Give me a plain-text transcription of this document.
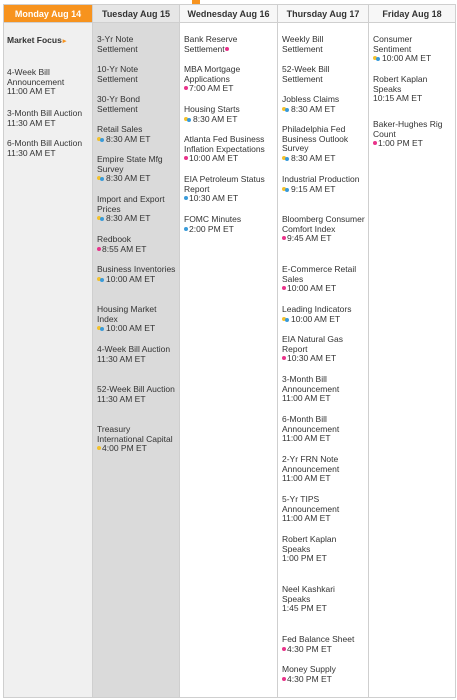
Monday Aug 14
Market Focus▸
4-Week Bill Announcement
11:00 AM ET
3-Month Bill Auction
11:30 AM ET
6-Month Bill Auction
11:30 AM ET
Tuesday Aug 15
3-Yr Note Settlement
10-Yr Note Settlement
30-Yr Bond Settlement
Retail Sales
8:30 AM ET
Empire State Mfg Survey
8:30 AM ET
Import and Export Prices
8:30 AM ET
Redbook
8:55 AM ET
Business Inventories
10:00 AM ET
Housing Market Index
10:00 AM ET
4-Week Bill Auction
11:30 AM ET
52-Week Bill Auction
11:30 AM ET
Treasury International Capital
4:00 PM ET
Wednesday Aug 16
Bank Reserve Settlement
MBA Mortgage Applications
7:00 AM ET
Housing Starts
8:30 AM ET
Atlanta Fed Business Inflation Expectations
10:00 AM ET
EIA Petroleum Status Report
10:30 AM ET
FOMC Minutes
2:00 PM ET
Thursday Aug 17
Weekly Bill Settlement
52-Week Bill Settlement
Jobless Claims
8:30 AM ET
Philadelphia Fed Business Outlook Survey
8:30 AM ET
Industrial Production
9:15 AM ET
Bloomberg Consumer Comfort Index
9:45 AM ET
E-Commerce Retail Sales
10:00 AM ET
Leading Indicators
10:00 AM ET
EIA Natural Gas Report
10:30 AM ET
3-Month Bill Announcement
11:00 AM ET
6-Month Bill Announcement
11:00 AM ET
2-Yr FRN Note Announcement
11:00 AM ET
5-Yr TIPS Announcement
11:00 AM ET
Robert Kaplan Speaks
1:00 PM ET
Neel Kashkari Speaks
1:45 PM ET
Fed Balance Sheet
4:30 PM ET
Money Supply
4:30 PM ET
Friday Aug 18
Consumer Sentiment
10:00 AM ET
Robert Kaplan Speaks
10:15 AM ET
Baker-Hughes Rig Count
1:00 PM ET
